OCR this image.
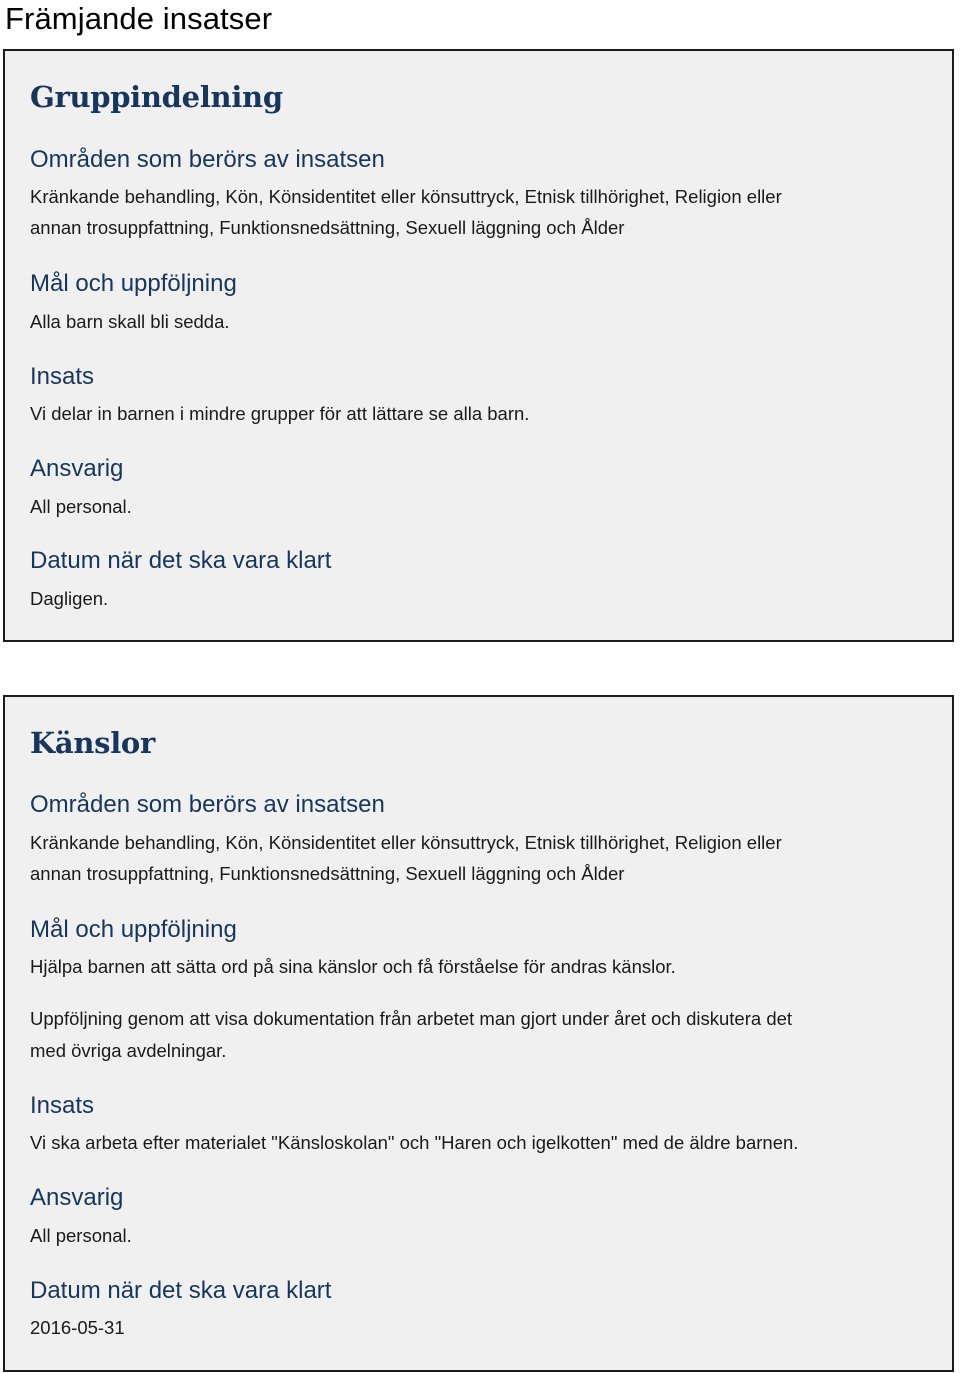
Främjande insatser
Gruppindelning
Områden som berörs av insatsen

Kränkande behandling, Kön, Könsidentitet eller könsuttryck, Etnisk tillhörighet, Religion eller

annan trosuppfattning, Funktionsnedsättning, Sexuell läggning och Ålder

Mål och uppföljning

Alla barn skall bli sedda.

Insats

Vi delar in barnen i mindre grupper för att lättare se alla barn.

Ansvarig

All personal.

Datum när det ska vara klart

Dagligen.

Känslor
Områden som berörs av insatsen

Kränkande behandling, Kön, Könsidentitet eller könsuttryck, Etnisk tillhörighet, Religion eller

annan trosuppfattning, Funktionsnedsättning, Sexuell läggning och Ålder

Mål och uppföljning

Hjälpa barnen att sätta ord på sina känslor och få förståelse för andras känslor.

Uppföljning genom att visa dokumentation från arbetet man gjort under året och diskutera det

med övriga avdelningar.

Insats

Vi ska arbeta efter materialet "Känsloskolan" och "Haren och igelkotten" med de äldre barnen.

Ansvarig

All personal.

Datum när det ska vara klart

2016-05-31
